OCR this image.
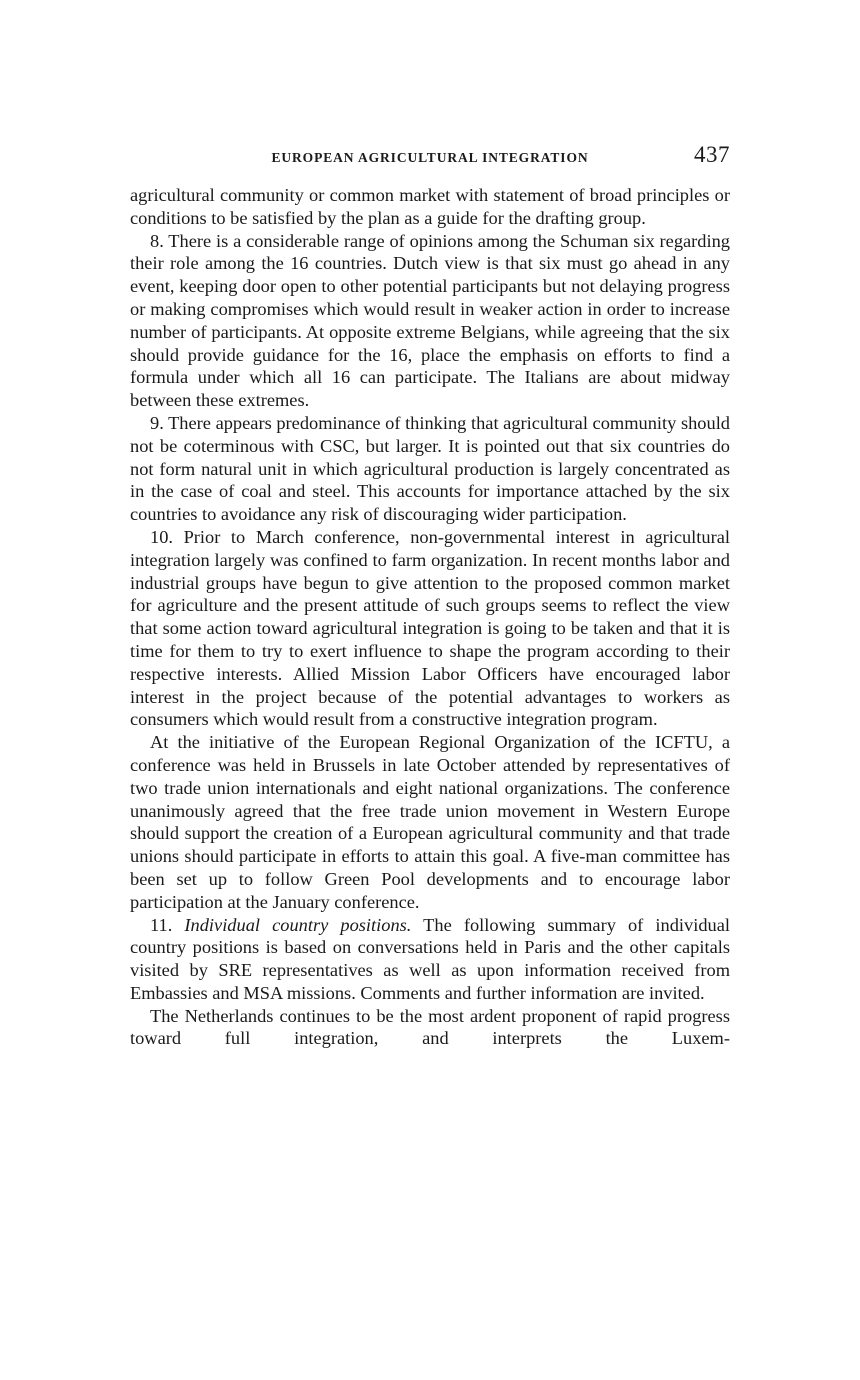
EUROPEAN AGRICULTURAL INTEGRATION	437

agricultural community or common market with statement of broad principles or conditions to be satisfied by the plan as a guide for the drafting group.

8. There is a considerable range of opinions among the Schuman six regarding their role among the 16 countries. Dutch view is that six must go ahead in any event, keeping door open to other potential participants but not delaying progress or making compromises which would result in weaker action in order to increase number of participants. At opposite extreme Belgians, while agreeing that the six should provide guidance for the 16, place the emphasis on efforts to find a formula under which all 16 can participate. The Italians are about midway between these extremes.

9. There appears predominance of thinking that agricultural community should not be coterminous with CSC, but larger. It is pointed out that six countries do not form natural unit in which agricultural production is largely concentrated as in the case of coal and steel. This accounts for importance attached by the six countries to avoidance any risk of discouraging wider participation.

10. Prior to March conference, non-governmental interest in agricultural integration largely was confined to farm organization. In recent months labor and industrial groups have begun to give attention to the proposed common market for agriculture and the present attitude of such groups seems to reflect the view that some action toward agricultural integration is going to be taken and that it is time for them to try to exert influence to shape the program according to their respective interests. Allied Mission Labor Officers have encouraged labor interest in the project because of the potential advantages to workers as consumers which would result from a constructive integration program.

At the initiative of the European Regional Organization of the ICFTU, a conference was held in Brussels in late October attended by representatives of two trade union internationals and eight national organizations. The conference unanimously agreed that the free trade union movement in Western Europe should support the creation of a European agricultural community and that trade unions should participate in efforts to attain this goal. A five-man committee has been set up to follow Green Pool developments and to encourage labor participation at the January conference.

11. Individual country positions. The following summary of individual country positions is based on conversations held in Paris and the other capitals visited by SRE representatives as well as upon information received from Embassies and MSA missions. Comments and further information are invited.

The Netherlands continues to be the most ardent proponent of rapid progress toward full integration, and interprets the Luxem-
